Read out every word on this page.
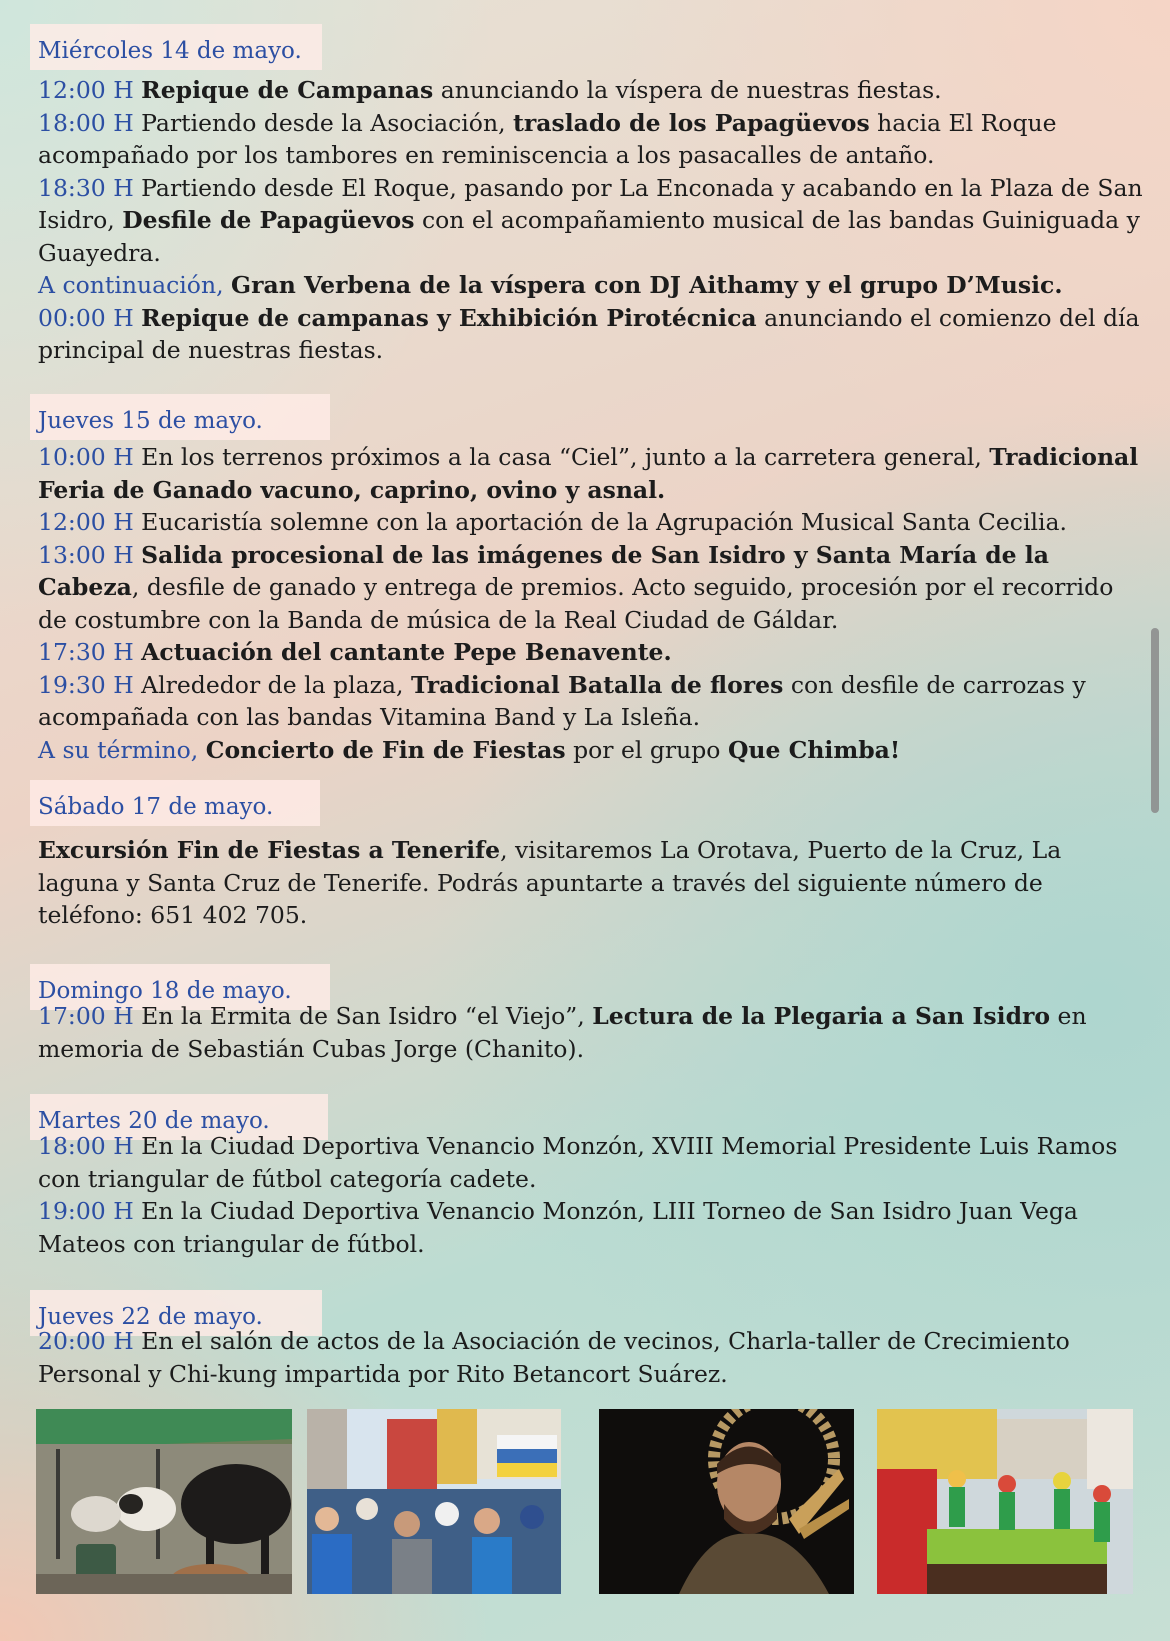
Miércoles 14 de mayo.

12:00 H Repique de Campanas anunciando la víspera de nuestras fiestas.

18:00 H Partiendo desde la Asociación, traslado de los Papagüevos hacia El Roque acompañado por los tambores en reminiscencia a los pasacalles de antaño.

18:30 H Partiendo desde El Roque, pasando por La Enconada y acabando en la Plaza de San Isidro, Desfile de Papagüevos con el acompañamiento musical de las bandas Guiniguada y Guayedra.

A continuación, Gran Verbena de la víspera con DJ Aithamy y el grupo D’Music.

00:00 H Repique de campanas y Exhibición Pirotécnica anunciando el comienzo del día principal de nuestras fiestas.

Jueves 15 de mayo.

10:00 H En los terrenos próximos a la casa “Ciel”, junto a la carretera general, Tradicional Feria de Ganado vacuno, caprino, ovino y asnal.

12:00 H Eucaristía solemne con la aportación de la Agrupación Musical Santa Cecilia.

13:00 H Salida procesional de las imágenes de San Isidro y Santa María de la Cabeza, desfile de ganado y entrega de premios. Acto seguido, procesión por el recorrido de costumbre con la Banda de música de la Real Ciudad de Gáldar.

17:30 H Actuación del cantante Pepe Benavente.

19:30 H Alrededor de la plaza, Tradicional Batalla de flores con desfile de carrozas y acompañada con las bandas Vitamina Band y La Isleña.

A su término, Concierto de Fin de Fiestas por el grupo Que Chimba!

Sábado 17 de mayo.

Excursión Fin de Fiestas a Tenerife, visitaremos La Orotava, Puerto de la Cruz, La laguna y Santa Cruz de Tenerife. Podrás apuntarte a través del siguiente número de teléfono: 651 402 705.

Domingo 18 de mayo.

17:00 H En la Ermita de San Isidro “el Viejo”, Lectura de la Plegaria a San Isidro en memoria de Sebastián Cubas Jorge (Chanito).

Martes 20 de mayo.

18:00 H En la Ciudad Deportiva Venancio Monzón, XVIII Memorial Presidente Luis Ramos con triangular de fútbol categoría cadete.

19:00 H En la Ciudad Deportiva Venancio Monzón, LIII Torneo de San Isidro Juan Vega Mateos con triangular de fútbol.

Jueves 22 de mayo.

20:00 H En el salón de actos de la Asociación de vecinos, Charla-taller de Crecimiento Personal y Chi-kung impartida por Rito Betancort Suárez.
